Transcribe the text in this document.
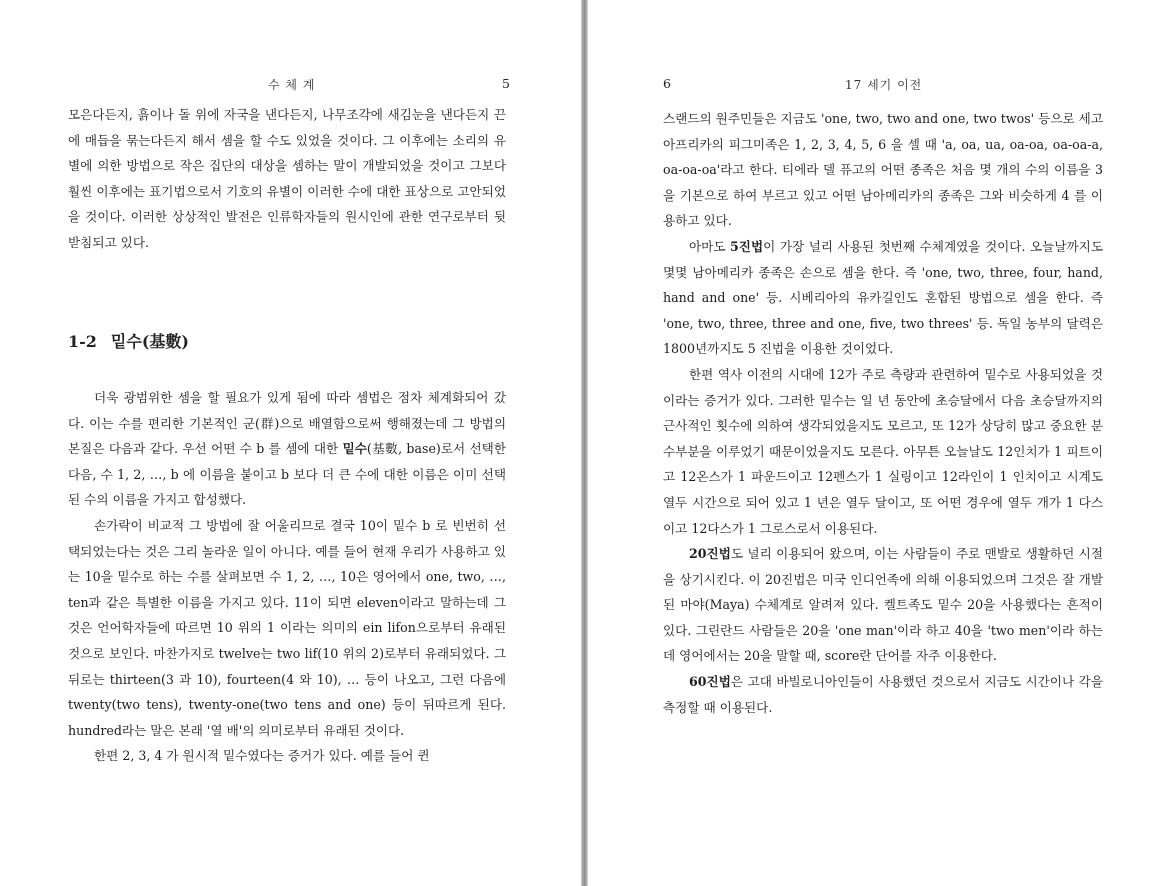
수 체 계	5

모은다든지, 흙이나 돌 위에 자국을 낸다든지, 나무조각에 새김눈을 낸다든지 끈에 매듭을 묶는다든지 해서 셈을 할 수도 있었을 것이다. 그 이후에는 소리의 유별에 의한 방법으로 작은 집단의 대상을 셈하는 말이 개발되었을 것이고 그보다 훨씬 이후에는 표기법으로서 기호의 유별이 이러한 수에 대한 표상으로 고안되었을 것이다. 이러한 상상적인 발전은 인류학자들의 원시인에 관한 연구로부터 뒷받침되고 있다.

1-2 밑수(基數)

더욱 광범위한 셈을 할 필요가 있게 됨에 따라 셈법은 점차 체계화되어 갔다. 이는 수를 편리한 기본적인 군(群)으로 배열함으로써 행해졌는데 그 방법의 본질은 다음과 같다. 우선 어떤 수 b 를 셈에 대한 밑수(基數, base)로서 선택한 다음, 수 1, 2, …, b 에 이름을 붙이고 b 보다 더 큰 수에 대한 이름은 이미 선택된 수의 이름을 가지고 합성했다.

손가락이 비교적 그 방법에 잘 어울리므로 결국 10이 밑수 b 로 빈번히 선택되었는다는 것은 그리 놀라운 일이 아니다. 예를 들어 현재 우리가 사용하고 있는 10을 밑수로 하는 수를 살펴보면 수 1, 2, …, 10은 영어에서 one, two, …, ten과 같은 특별한 이름을 가지고 있다. 11이 되면 eleven이라고 말하는데 그것은 언어학자들에 따르면 10 위의 1 이라는 의미의 ein lifon으로부터 유래된 것으로 보인다. 마찬가지로 twelve는 two lif(10 위의 2)로부터 유래되었다. 그 뒤로는 thirteen(3 과 10), fourteen(4 와 10), … 등이 나오고, 그런 다음에 twenty(two tens), twenty-one(two tens and one) 등이 뒤따르게 된다. hundred라는 말은 본래 '열 배'의 의미로부터 유래된 것이다.

한편 2, 3, 4 가 원시적 밑수였다는 증거가 있다. 예를 들어 퀸

6	17 세기 이전

스랜드의 원주민들은 지금도 'one, two, two and one, two twos' 등으로 세고 아프리카의 피그미족은 1, 2, 3, 4, 5, 6 을 셀 때 'a, oa, ua, oa-oa, oa-oa-a, oa-oa-oa'라고 한다. 티에라 델 퓨고의 어떤 종족은 처음 몇 개의 수의 이름을 3 을 기본으로 하여 부르고 있고 어떤 남아메리카의 종족은 그와 비슷하게 4 를 이용하고 있다.

아마도 5진법이 가장 널리 사용된 첫번째 수체계였을 것이다. 오늘날까지도 몇몇 남아메리카 종족은 손으로 셈을 한다. 즉 'one, two, three, four, hand, hand and one' 등. 시베리아의 유카길인도 혼합된 방법으로 셈을 한다. 즉 'one, two, three, three and one, five, two threes' 등. 독일 농부의 달력은 1800년까지도 5 진법을 이용한 것이었다.

한편 역사 이전의 시대에 12가 주로 측량과 관련하여 밑수로 사용되었을 것이라는 증거가 있다. 그러한 밑수는 일 년 동안에 초승달에서 다음 초승달까지의 근사적인 횟수에 의하여 생각되었을지도 모르고, 또 12가 상당히 많고 중요한 분수부분을 이루었기 때문이었을지도 모른다. 아무튼 오늘날도 12인치가 1 피트이고 12온스가 1 파운드이고 12펜스가 1 실링이고 12라인이 1 인치이고 시계도 열두 시간으로 되어 있고 1 년은 열두 달이고, 또 어떤 경우에 열두 개가 1 다스이고 12다스가 1 그로스로서 이용된다.

20진법도 널리 이용되어 왔으며, 이는 사람들이 주로 맨발로 생활하던 시절을 상기시킨다. 이 20진법은 미국 인디언족에 의해 이용되었으며 그것은 잘 개발된 마야(Maya) 수체계로 알려져 있다. 켈트족도 밑수 20을 사용했다는 흔적이 있다. 그린란드 사람들은 20을 'one man'이라 하고 40을 'two men'이라 하는데 영어에서는 20을 말할 때, score란 단어를 자주 이용한다.

60진법은 고대 바빌로니아인들이 사용했던 것으로서 지금도 시간이나 각을 측정할 때 이용된다.
